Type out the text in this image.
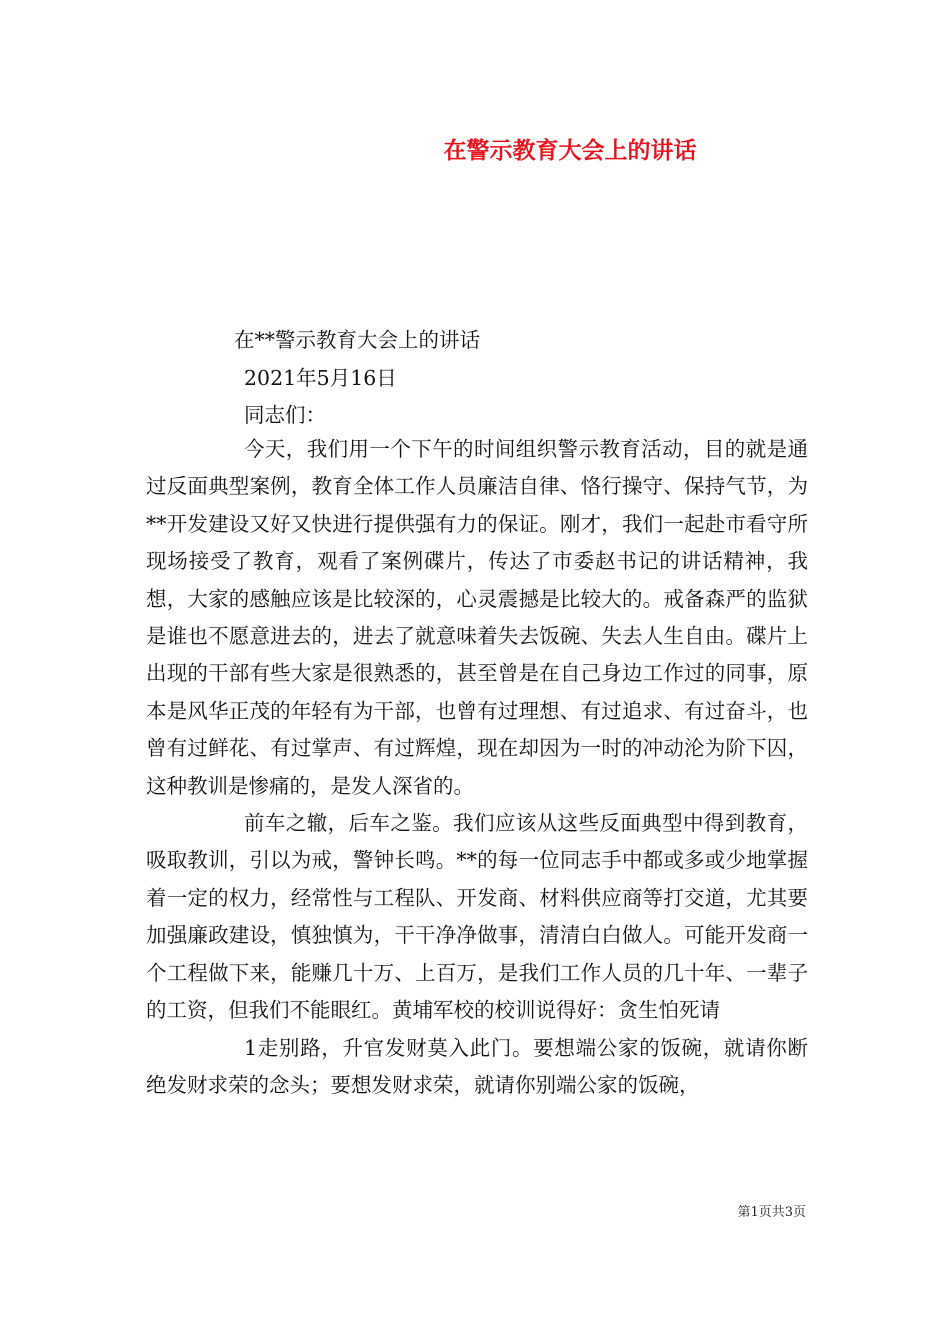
在警示教育大会上的讲话
在**警示教育大会上的讲话
2021年5月16日
同志们：

今天，我们用一个下午的时间组织警示教育活动，目的就是通过反面典型案例，教育全体工作人员廉洁自律、恪行操守、保持气节，为**开发建设又好又快进行提供强有力的保证。刚才，我们一起赴市看守所现场接受了教育，观看了案例碟片，传达了市委赵书记的讲话精神，我想，大家的感触应该是比较深的，心灵震撼是比较大的。戒备森严的监狱是谁也不愿意进去的，进去了就意味着失去饭碗、失去人生自由。碟片上出现的干部有些大家是很熟悉的，甚至曾是在自己身边工作过的同事，原本是风华正茂的年轻有为干部，也曾有过理想、有过追求、有过奋斗，也曾有过鲜花、有过掌声、有过辉煌，现在却因为一时的冲动沦为阶下囚，这种教训是惨痛的，是发人深省的。

前车之辙，后车之鉴。我们应该从这些反面典型中得到教育，吸取教训，引以为戒，警钟长鸣。**的每一位同志手中都或多或少地掌握着一定的权力，经常性与工程队、开发商、材料供应商等打交道，尤其要加强廉政建设，慎独慎为，干干净净做事，清清白白做人。可能开发商一个工程做下来，能赚几十万、上百万，是我们工作人员的几十年、一辈子的工资，但我们不能眼红。黄埔军校的校训说得好：贪生怕死请

1走别路，升官发财莫入此门。要想端公家的饭碗，就请你断绝发财求荣的念头；要想发财求荣，就请你别端公家的饭碗，

第1页共3页
